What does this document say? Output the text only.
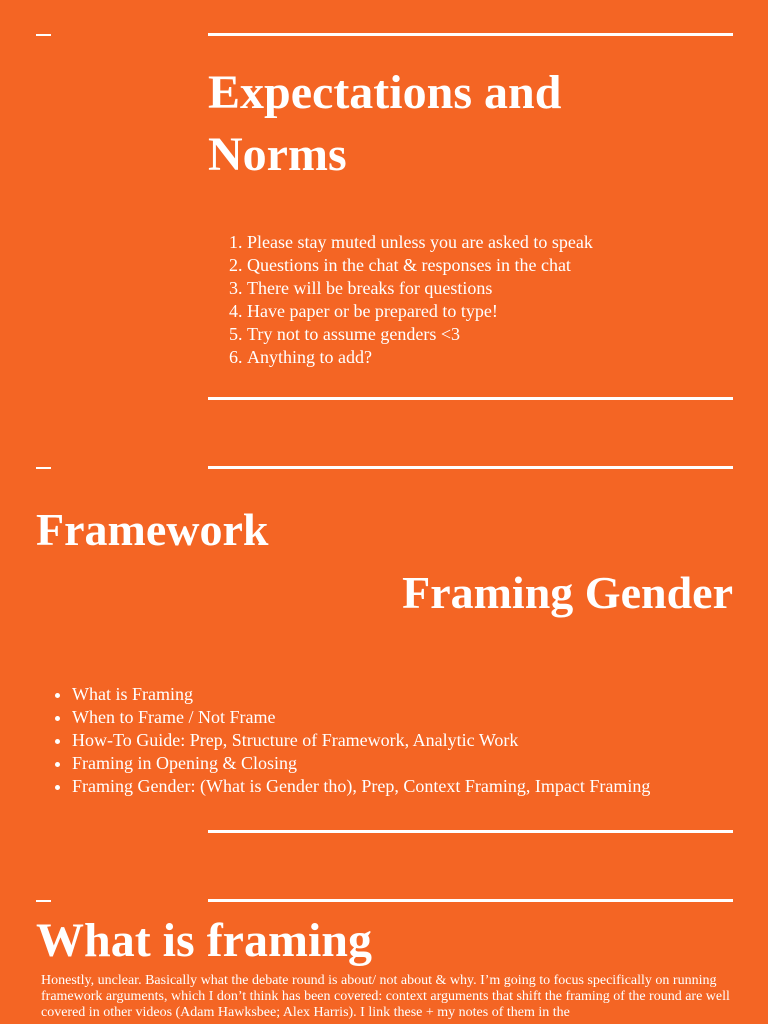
Expectations and Norms
1. Please stay muted unless you are asked to speak
2. Questions in the chat & responses in the chat
3. There will be breaks for questions
4. Have paper or be prepared to type!
5. Try not to assume genders <3
6. Anything to add?
Framework
Framing Gender
• What is Framing
• When to Frame / Not Frame
• How-To Guide: Prep, Structure of Framework, Analytic Work
• Framing in Opening & Closing
• Framing Gender: (What is Gender tho), Prep, Context Framing, Impact Framing
What is framing

Honestly, unclear. Basically what the debate round is about/ not about & why. I’m going to focus specifically on running framework arguments, which I don’t think has been covered: context arguments that shift the framing of the round are well covered in other videos (Adam Hawksbee; Alex Harris). I link these + my notes of them in the
